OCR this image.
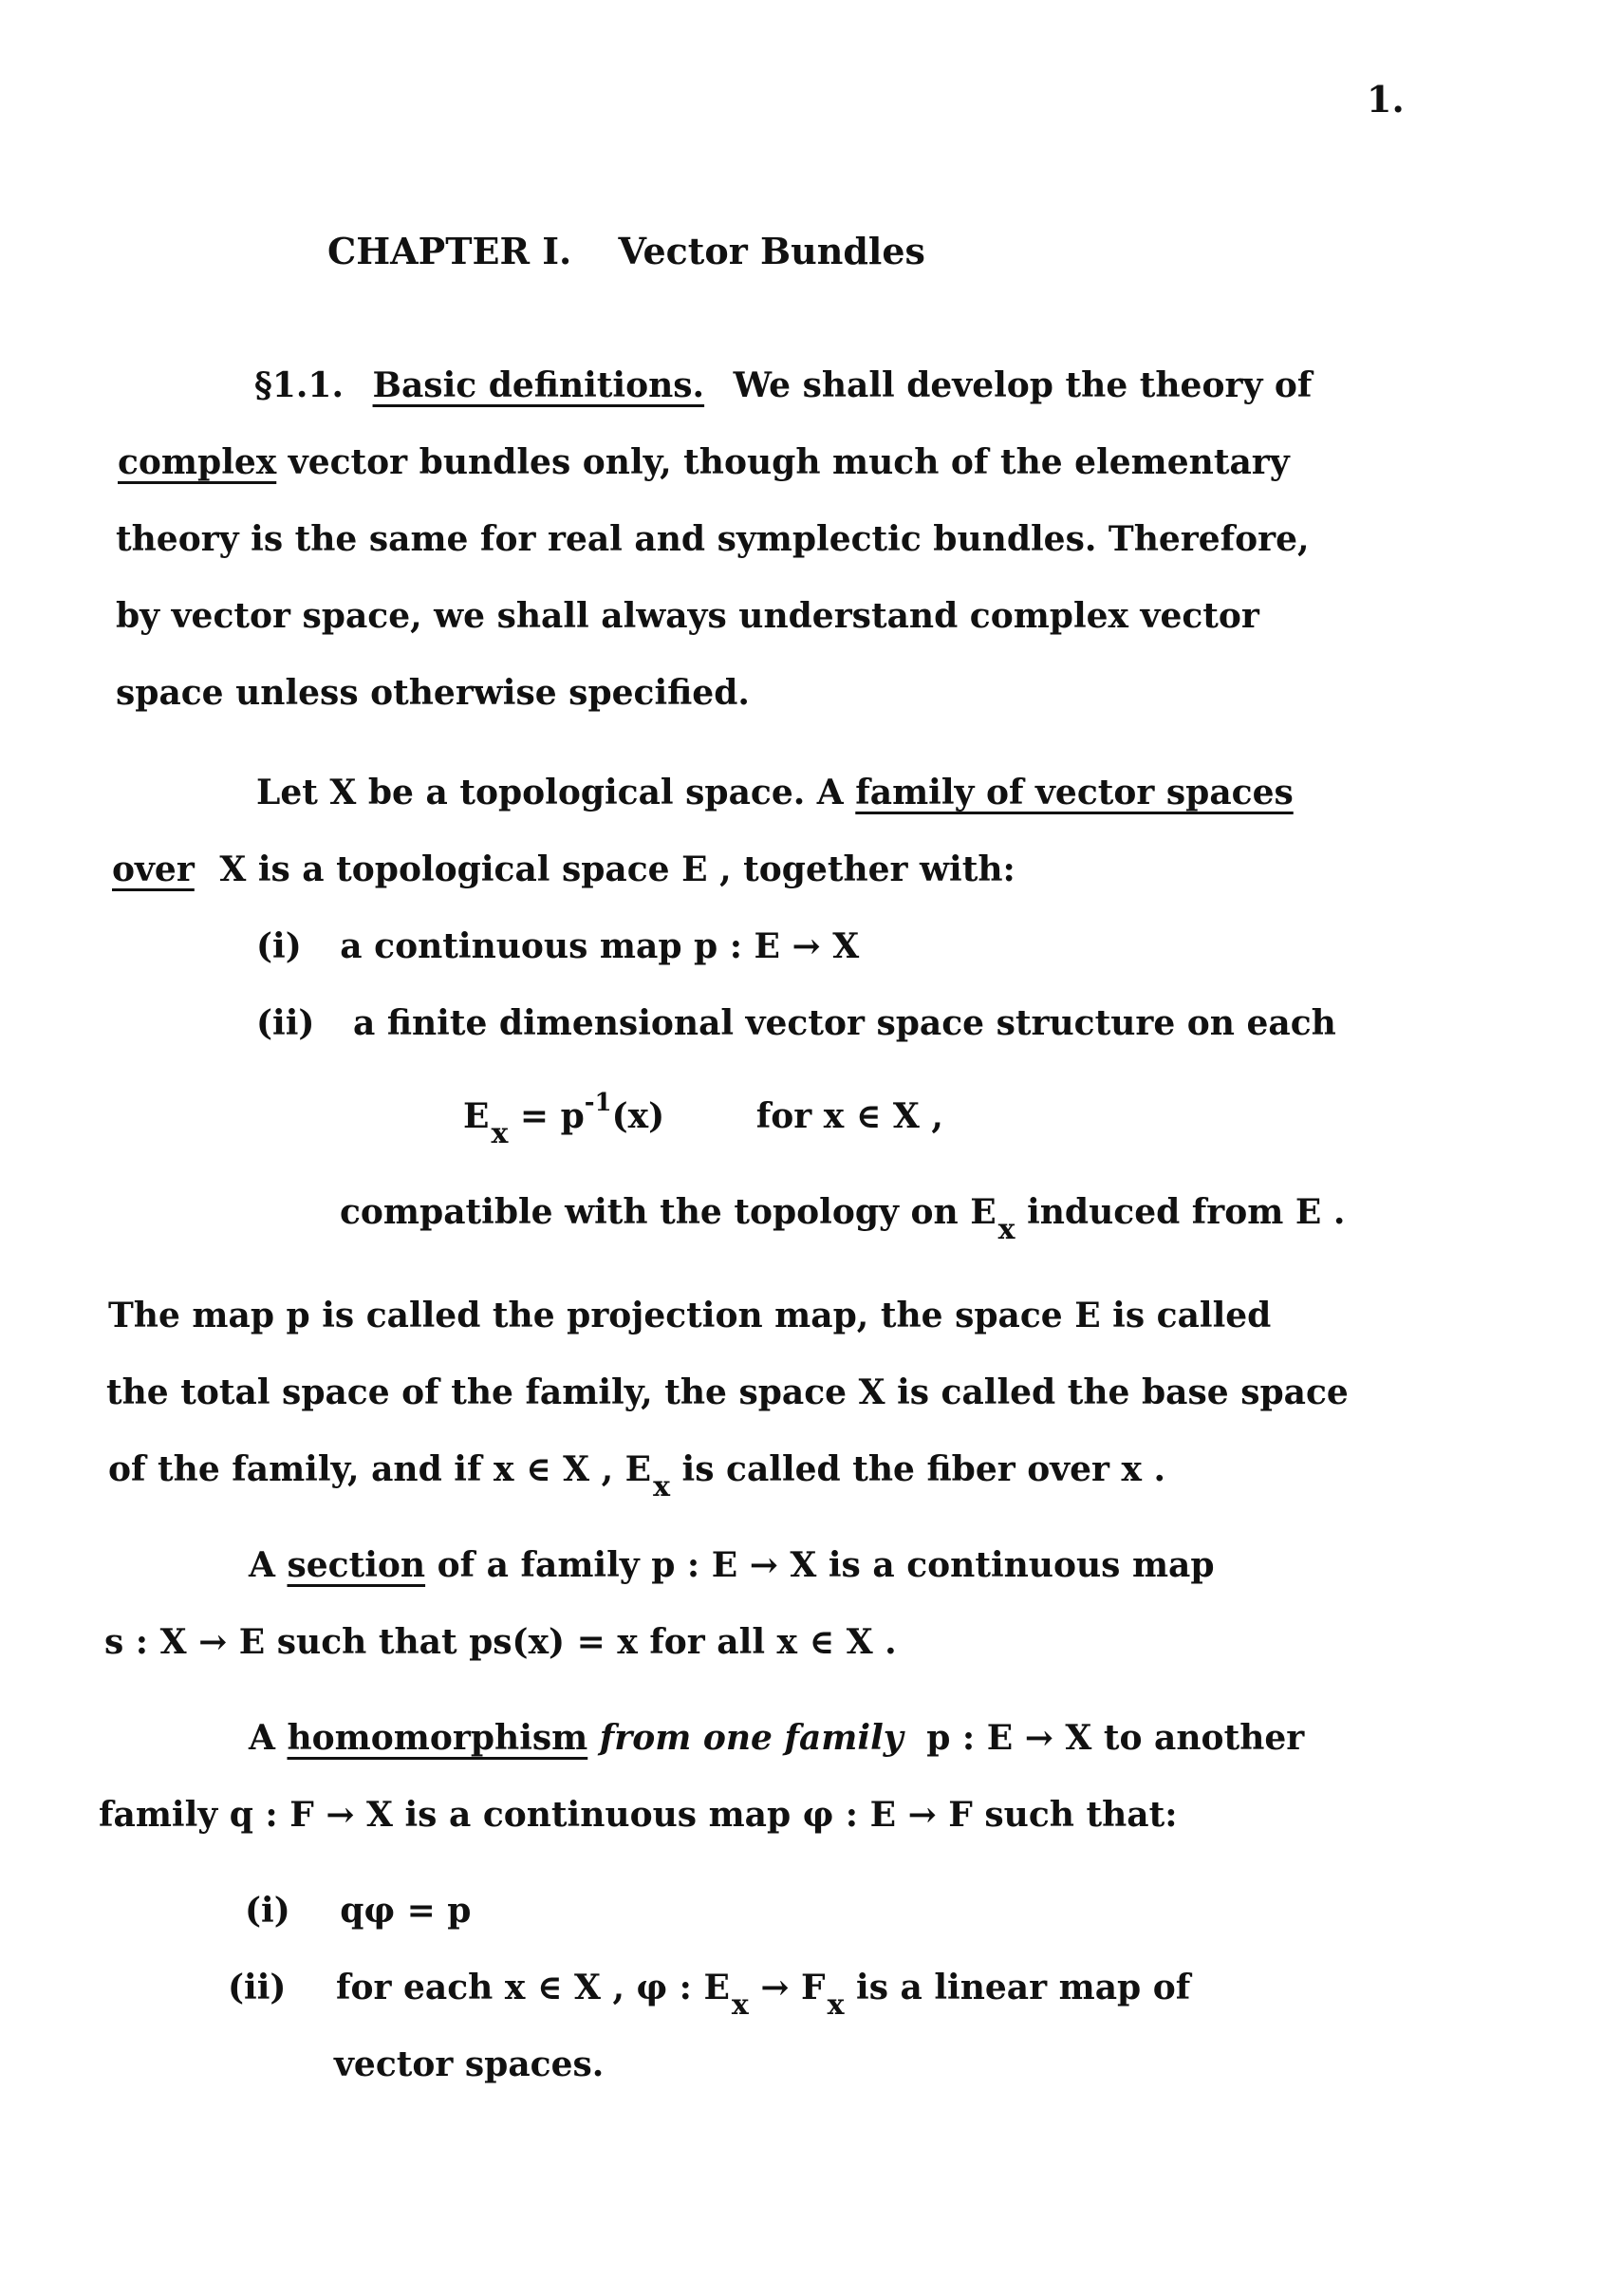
1.
CHAPTER I. Vector Bundles
§1.1. Basic definitions. We shall develop the theory of
complex vector bundles only, though much of the elementary
theory is the same for real and symplectic bundles. Therefore,
by vector space, we shall always understand complex vector
space unless otherwise specified.
Let X be a topological space. A family of vector spaces
over X is a topological space E , together with:
(i) a continuous map p : E → X
(ii) a finite dimensional vector space structure on each
$E_x = p^{-1}(x)$	for x ∈ X ,
compatible with the topology on $E_x$ induced from E .
The map p is called the projection map, the space E is called
the total space of the family, the space X is called the base space
of the family, and if x ∈ X , $E_x$ is called the fiber over x .
A section of a family p : E → X is a continuous map
s : X → E such that ps(x) = x for all x ∈ X .
A homomorphism from one family p : E → X to another
family q : F → X is a continuous map φ : E → F such that:
(i) qφ = p
(ii) for each x ∈ X , φ : $E_x \to F_x$ is a linear map of
vector spaces.
